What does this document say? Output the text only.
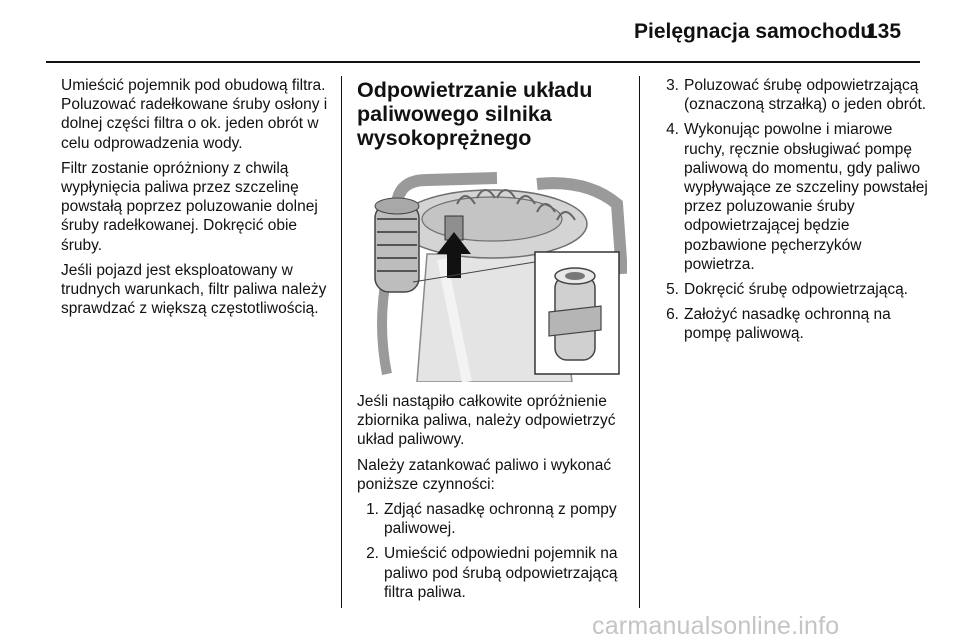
Pielęgnacja samochodu
135

Umieścić pojemnik pod obudową filtra. Poluzować radełkowane śruby osłony i dolnej części filtra o ok. jeden obrót w celu odprowadzenia wody.

Filtr zostanie opróżniony z chwilą wypłynięcia paliwa przez szczelinę powstałą poprzez poluzowanie dolnej śruby radełkowanej. Dokręcić obie śruby.

Jeśli pojazd jest eksploatowany w trudnych warunkach, filtr paliwa należy sprawdzać z większą częstotliwością.

Odpowietrzanie układu paliwowego silnika wysokoprężnego

Jeśli nastąpiło całkowite opróżnienie zbiornika paliwa, należy odpowietrzyć układ paliwowy.

Należy zatankować paliwo i wykonać poniższe czynności:

1. Zdjąć nasadkę ochronną z pompy paliwowej.
2. Umieścić odpowiedni pojemnik na paliwo pod śrubą odpowietrzającą filtra paliwa.
3. Poluzować śrubę odpowietrzającą (oznaczoną strzałką) o jeden obrót.
4. Wykonując powolne i miarowe ruchy, ręcznie obsługiwać pompę paliwową do momentu, gdy paliwo wypływające ze szczeliny powstałej przez poluzowanie śruby odpowietrzającej będzie pozbawione pęcherzyków powietrza.
5. Dokręcić śrubę odpowietrzającą.
6. Założyć nasadkę ochronną na pompę paliwową.
carmanualsonline.info
